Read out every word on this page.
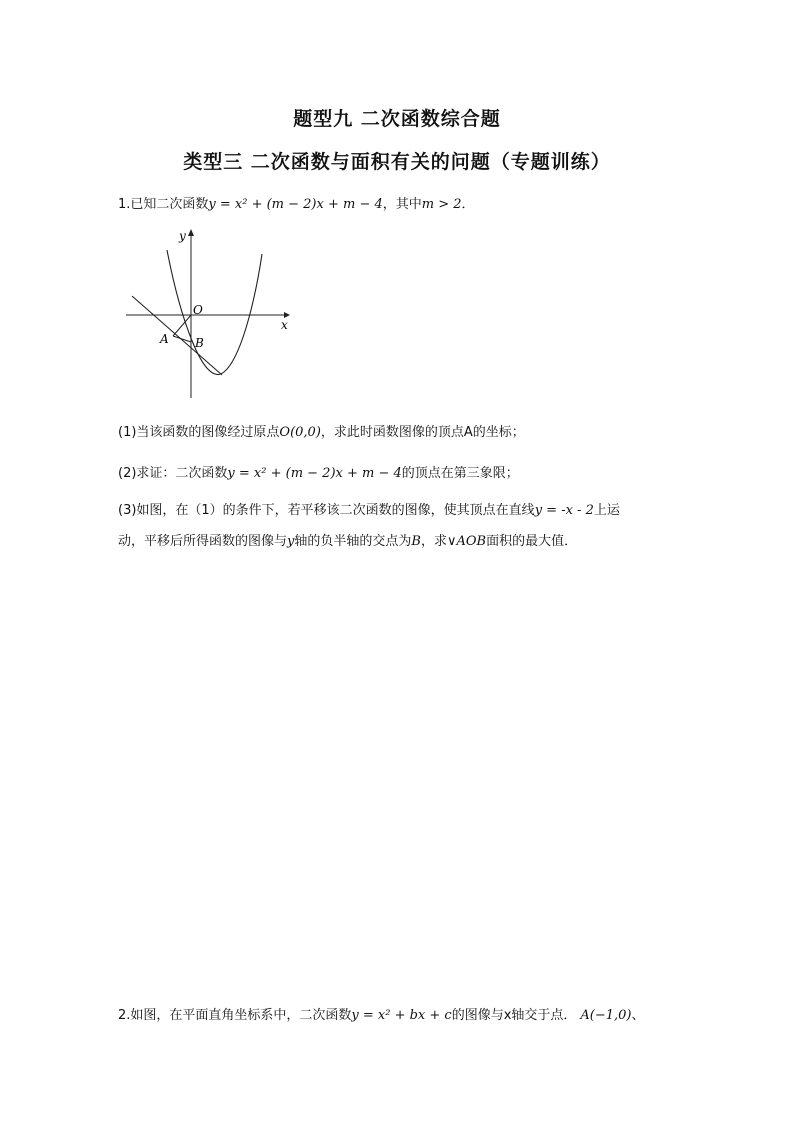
题型九 二次函数综合题
类型三 二次函数与面积有关的问题（专题训练）
1.已知二次函数y = x² + (m − 2)x + m − 4，其中m > 2．
y
x
O
A B
(1)当该函数的图像经过原点O(0,0)，求此时函数图像的顶点A的坐标；
(2)求证：二次函数y = x² + (m − 2)x + m − 4的顶点在第三象限；
(3)如图，在（1）的条件下，若平移该二次函数的图像，使其顶点在直线y = -x - 2上运
动，平移后所得函数的图像与y轴的负半轴的交点为B，求∨AOB面积的最大值．
2.如图，在平面直角坐标系中，二次函数y = x² + bx + c的图像与x轴交于点． A(−1,0)、
